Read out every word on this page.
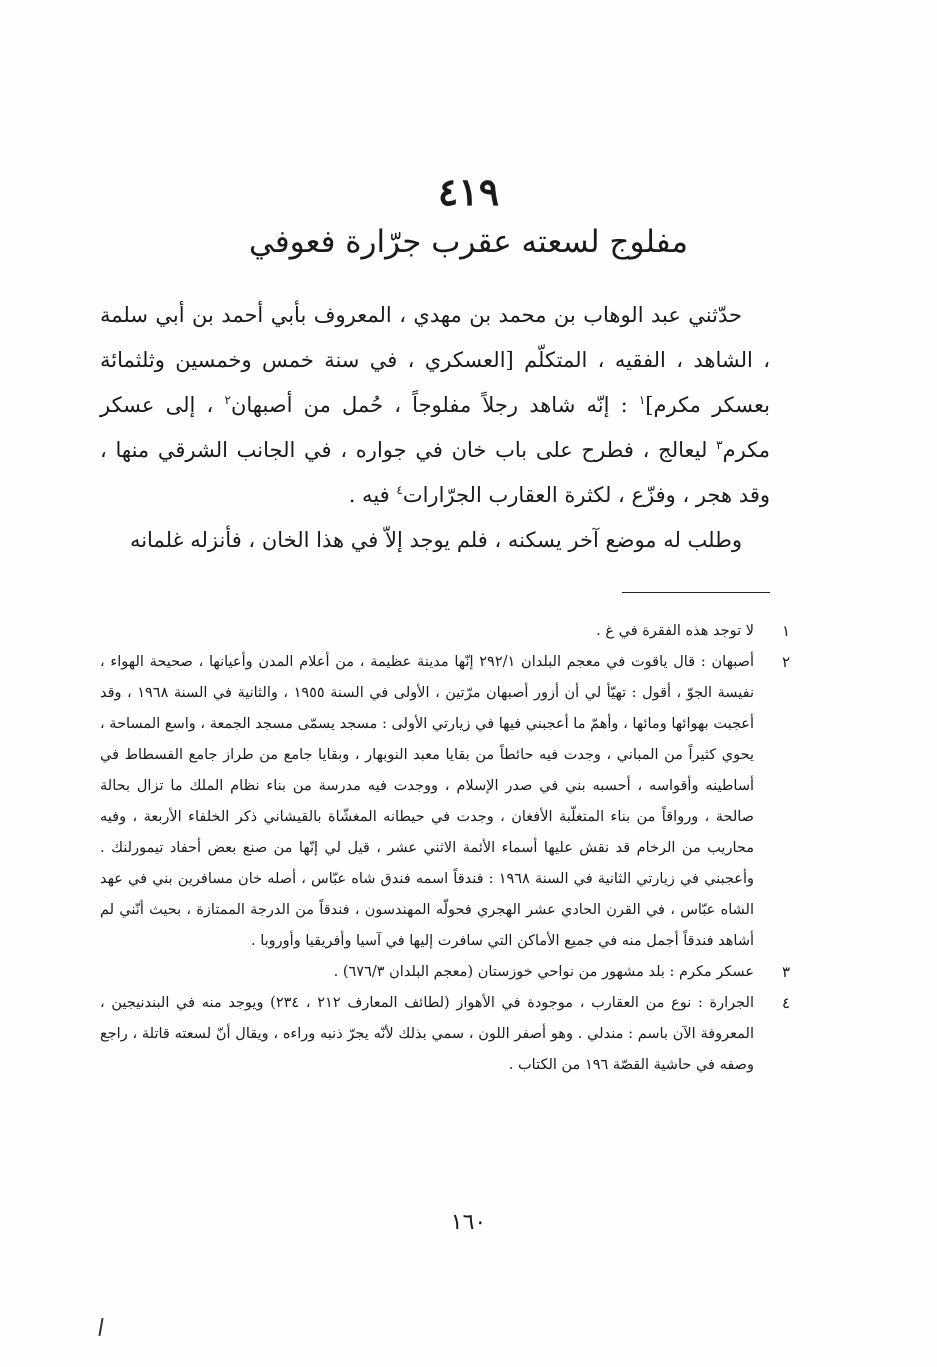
٤١٩
مفلوج لسعته عقرب جرّارة فعوفي

حدّثني عبد الوهاب بن محمد بن مهدي ، المعروف بأبي أحمد بن أبي سلمة ، الشاهد ، الفقيه ، المتكلّم [العسكري ، في سنة خمس وخمسين وثلثمائة بعسكر مكرم]$^١$ : إنّه شاهد رجلاً مفلوجاً ، حُمل من أصبهان$^٢$ ، إلى عسكر مكرم$^٣$ ليعالج ، فطرح على باب خان في جواره ، في الجانب الشرقي منها ، وقد هجر ، وفزّع ، لكثرة العقارب الجرّارات$^٤$ فيه .

وطلب له موضع آخر يسكنه ، فلم يوجد إلاّ في هذا الخان ، فأنزله غلمانه

١
لا توجد هذه الفقرة في غ .
٢
أصبهان : قال ياقوت في معجم البلدان ٢٩٢/١ إنّها مدينة عظيمة ، من أعلام المدن وأعيانها ، صحيحة الهواء ، نفيسة الجوّ ، أقول : تهيّأ لي أن أزور أصبهان مرّتين ، الأولى في السنة ١٩٥٥ ، والثانية في السنة ١٩٦٨ ، وقد أعجبت بهوائها ومائها ، وأهمّ ما أعجبني فيها في زيارتي الأولى : مسجد يسمّى مسجد الجمعة ، واسع المساحة ، يحوي كثيراً من المباني ، وجدت فيه حائطاً من بقايا معبد النوبهار ، وبقايا جامع من طراز جامع الفسطاط في أساطينه وأقواسه ، أحسبه بني في صدر الإسلام ، ووجدت فيه مدرسة من بناء نظام الملك ما تزال بحالة صالحة ، ورواقاً من بناء المتغلّبة الأفغان ، وجدت في حيطانه المغشّاة بالقيشاني ذكر الخلفاء الأربعة ، وفيه محاريب من الرخام قد نقش عليها أسماء الأئمة الاثني عشر ، قيل لي إنّها من صنع بعض أحفاد تيمورلنك . وأعجبني في زيارتي الثانية في السنة ١٩٦٨ : فندقاً اسمه فندق شاه عبّاس ، أصله خان مسافرين بني في عهد الشاه عبّاس ، في القرن الحادي عشر الهجري فحولّه المهندسون ، فندقاً من الدرجة الممتازة ، بحيث أنّني لم أشاهد فندقاً أجمل منه في جميع الأماكن التي سافرت إليها في آسيا وأفريقيا وأوروبا .
٣
عسكر مكرم : بلد مشهور من نواحي خوزستان (معجم البلدان ٦٧٦/٣) .
٤
الجرارة : نوع من العقارب ، موجودة في الأهواز (لطائف المعارف ٢١٢ ، ٢٣٤) ويوجد منه في البندنيجين ، المعروفة الآن باسم : مندلي . وهو أصفر اللون ، سمي بذلك لأنّه يجرّ ذنبه وراءه ، ويقال أنّ لسعته قاتلة ، راجع وصفه في حاشية القصّة ١٩٦ من الكتاب .
١٦٠
